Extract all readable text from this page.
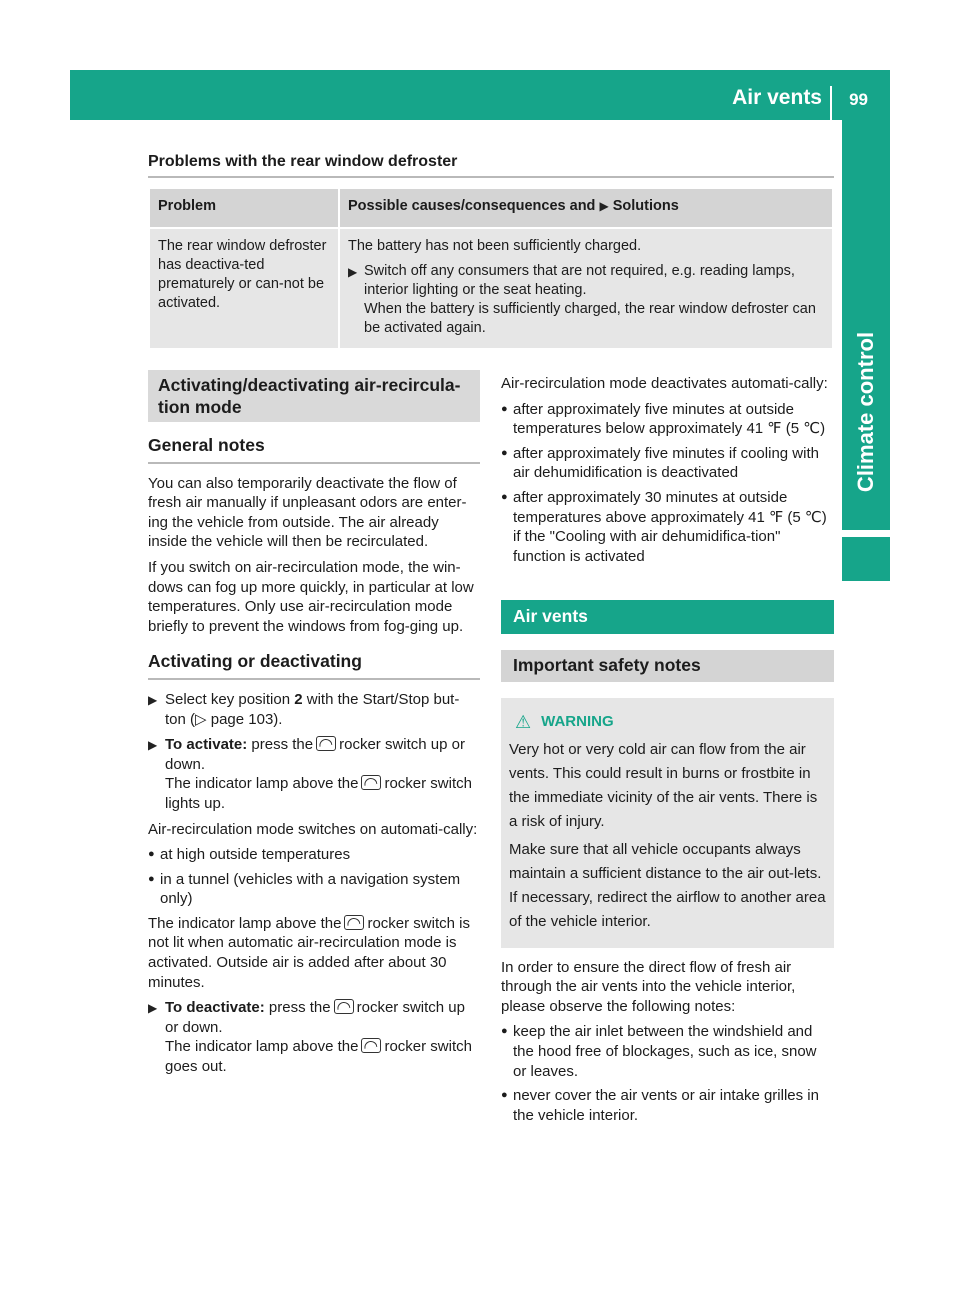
Air vents 99
Climate control
Problems with the rear window defroster
Problem	Possible causes/consequences and ▶ Solutions
The rear window defroster has deactiva-ted prematurely or can-not be activated.	The battery has not been sufficiently charged.
▶ Switch off any consumers that are not required, e.g. reading lamps, interior lighting or the seat heating.
When the battery is sufficiently charged, the rear window defroster can be activated again.
Activating/deactivating air-recircula-tion mode
General notes

You can also temporarily deactivate the flow of fresh air manually if unpleasant odors are enter-ing the vehicle from outside. The air already inside the vehicle will then be recirculated.

If you switch on air-recirculation mode, the win-dows can fog up more quickly, in particular at low temperatures. Only use air-recirculation mode briefly to prevent the windows from fog-ging up.

Activating or deactivating
▶ Select key position 2 with the Start/Stop but-ton (▷ page 103).
▶ To activate: press the rocker switch up or down.
The indicator lamp above the rocker switch lights up.

Air-recirculation mode switches on automati-cally:

● at high outside temperatures
● in a tunnel (vehicles with a navigation system only)

The indicator lamp above the rocker switch is not lit when automatic air-recirculation mode is activated. Outside air is added after about 30 minutes.

▶ To deactivate: press the rocker switch up or down.
The indicator lamp above the rocker switch goes out.

Air-recirculation mode deactivates automati-cally:

● after approximately five minutes at outside temperatures below approximately 41 ℉ (5 ℃)
● after approximately five minutes if cooling with air dehumidification is deactivated
● after approximately 30 minutes at outside temperatures above approximately 41 ℉ (5 ℃) if the "Cooling with air dehumidifica-tion" function is activated
Air vents
Important safety notes
⚠ WARNING

Very hot or very cold air can flow from the air vents. This could result in burns or frostbite in the immediate vicinity of the air vents. There is a risk of injury.

Make sure that all vehicle occupants always maintain a sufficient distance to the air out-lets. If necessary, redirect the airflow to another area of the vehicle interior.

In order to ensure the direct flow of fresh air through the air vents into the vehicle interior, please observe the following notes:

● keep the air inlet between the windshield and the hood free of blockages, such as ice, snow or leaves.
● never cover the air vents or air intake grilles in the vehicle interior.
